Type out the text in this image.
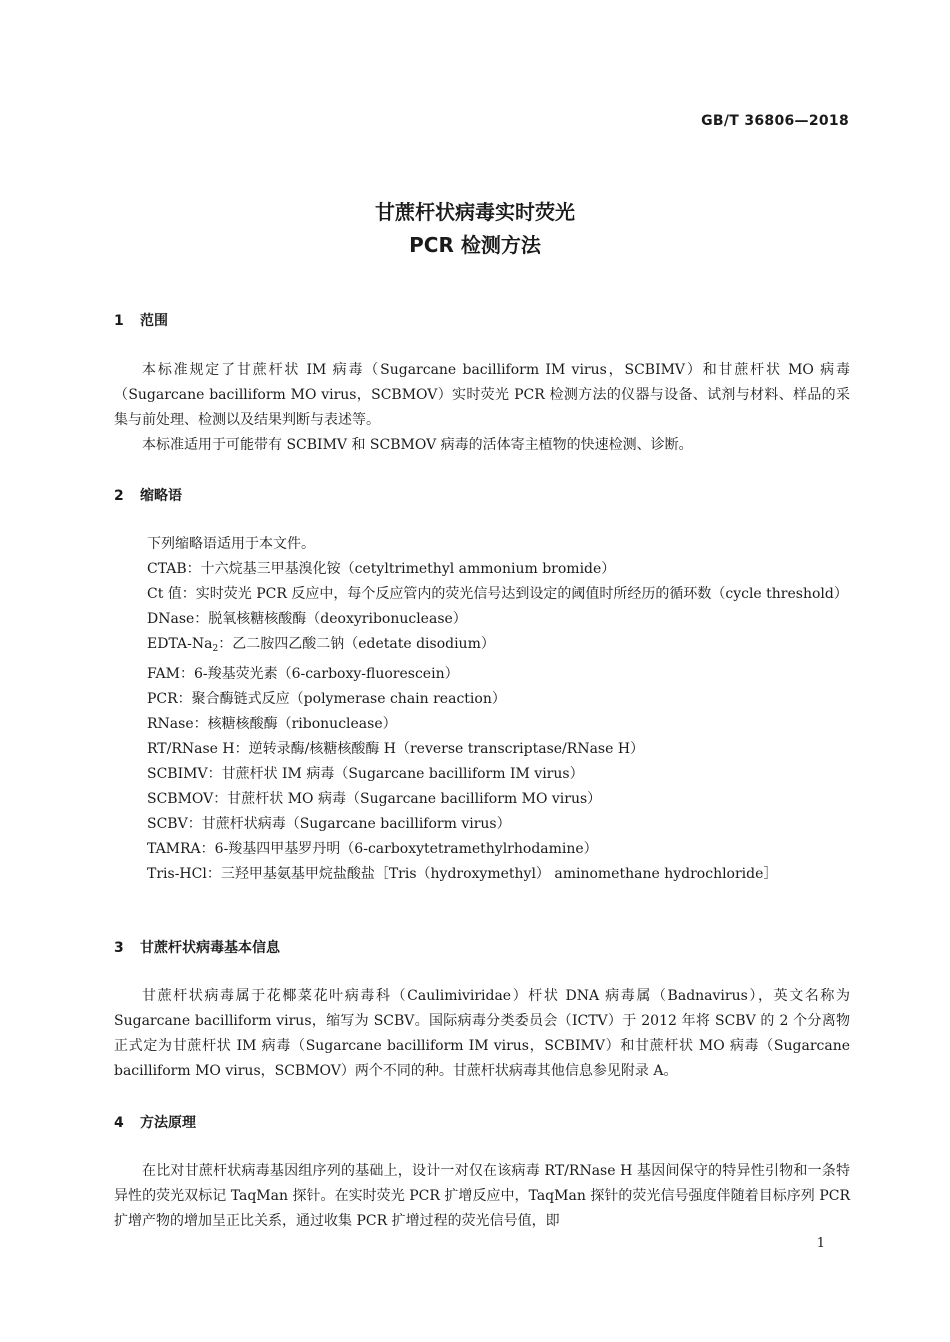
GB/T 36806—2018
甘蔗杆状病毒实时荧光
PCR 检测方法
1 范围

本标准规定了甘蔗杆状 IM 病毒（Sugarcane bacilliform IM virus，SCBIMV）和甘蔗杆状 MO 病毒（Sugarcane bacilliform MO virus，SCBMOV）实时荧光 PCR 检测方法的仪器与设备、试剂与材料、样品的采集与前处理、检测以及结果判断与表述等。

本标准适用于可能带有 SCBIMV 和 SCBMOV 病毒的活体寄主植物的快速检测、诊断。

2 缩略语
下列缩略语适用于本文件。
CTAB：十六烷基三甲基溴化铵（cetyltrimethyl ammonium bromide）
Ct 值：实时荧光 PCR 反应中，每个反应管内的荧光信号达到设定的阈值时所经历的循环数（cycle threshold）
DNase：脱氧核糖核酸酶（deoxyribonuclease）
EDTA-$Na_2$：乙二胺四乙酸二钠（edetate disodium）
FAM：6-羧基荧光素（6-carboxy-fluorescein）
PCR：聚合酶链式反应（polymerase chain reaction）
RNase：核糖核酸酶（ribonuclease）
RT/RNase H：逆转录酶/核糖核酸酶 H（reverse transcriptase/RNase H）
SCBIMV：甘蔗杆状 IM 病毒（Sugarcane bacilliform IM virus）
SCBMOV：甘蔗杆状 MO 病毒（Sugarcane bacilliform MO virus）
SCBV：甘蔗杆状病毒（Sugarcane bacilliform virus）
TAMRA：6-羧基四甲基罗丹明（6-carboxytetramethylrhodamine）
Tris-HCl：三羟甲基氨基甲烷盐酸盐［Tris（hydroxymethyl） aminomethane hydrochloride］
3 甘蔗杆状病毒基本信息

甘蔗杆状病毒属于花椰菜花叶病毒科（Caulimiviridae）杆状 DNA 病毒属（Badnavirus），英文名称为 Sugarcane bacilliform virus，缩写为 SCBV。国际病毒分类委员会（ICTV）于 2012 年将 SCBV 的 2 个分离物正式定为甘蔗杆状 IM 病毒（Sugarcane bacilliform IM virus，SCBIMV）和甘蔗杆状 MO 病毒（Sugarcane bacilliform MO virus，SCBMOV）两个不同的种。甘蔗杆状病毒其他信息参见附录 A。

4 方法原理

在比对甘蔗杆状病毒基因组序列的基础上，设计一对仅在该病毒 RT/RNase H 基因间保守的特异性引物和一条特异性的荧光双标记 TaqMan 探针。在实时荧光 PCR 扩增反应中，TaqMan 探针的荧光信号强度伴随着目标序列 PCR 扩增产物的增加呈正比关系，通过收集 PCR 扩增过程的荧光信号值，即

1
